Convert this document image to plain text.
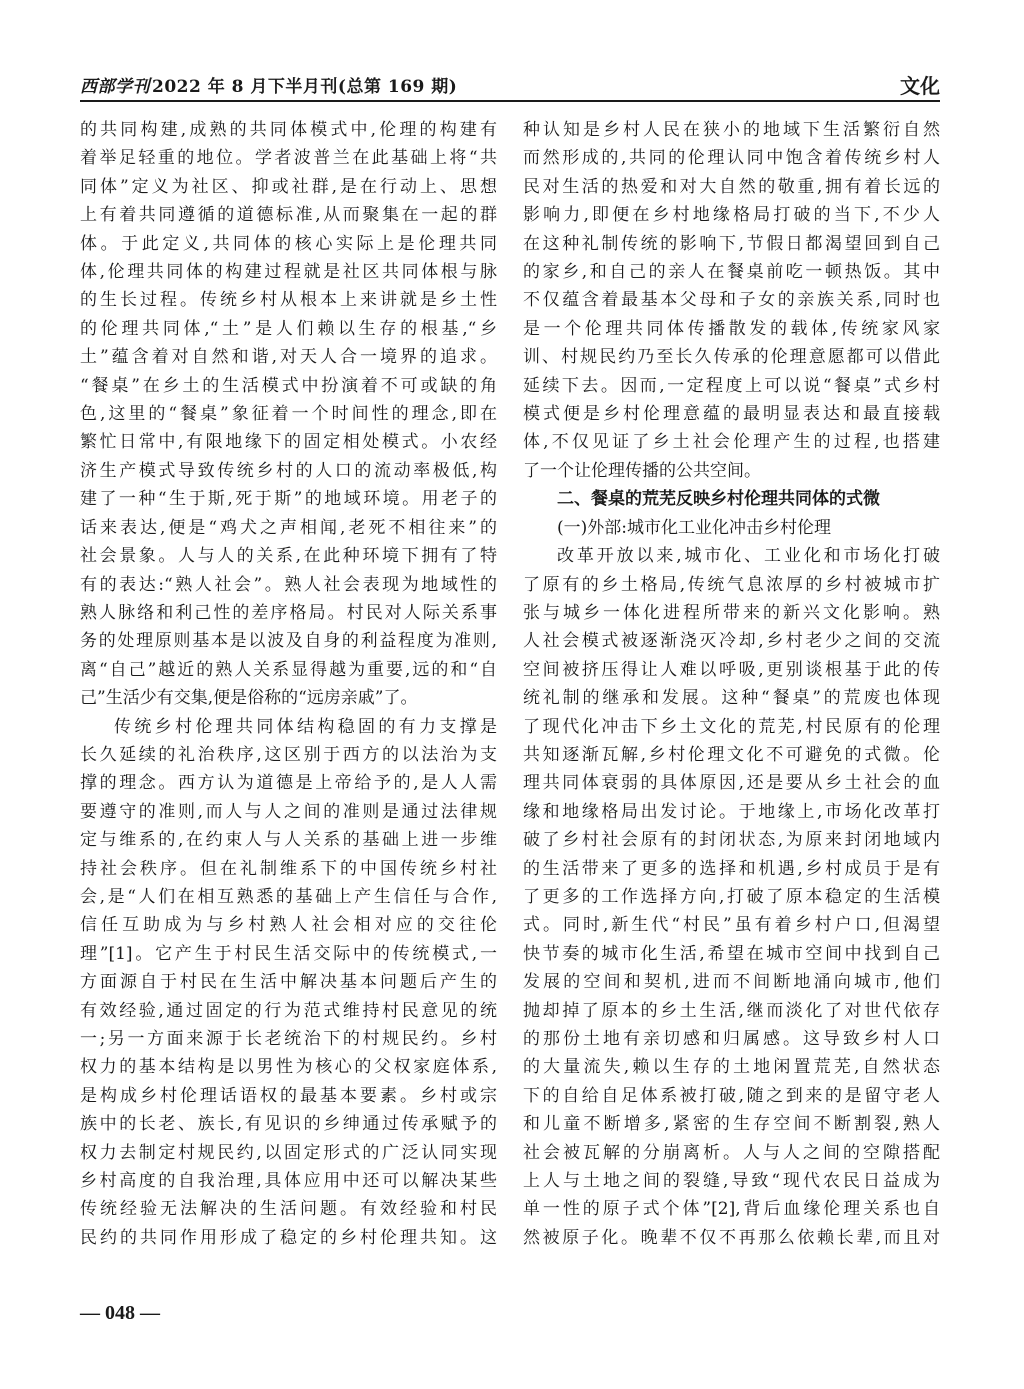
西部学刊 2022 年 8 月下半月刊(总第 169 期)	文化

的共同构建,成熟的共同体模式中,伦理的构建有

着举足轻重的地位。学者波普兰在此基础上将“共

同体”定义为社区、抑或社群,是在行动上、思想

上有着共同遵循的道德标准,从而聚集在一起的群

体。于此定义,共同体的核心实际上是伦理共同

体,伦理共同体的构建过程就是社区共同体根与脉

的生长过程。传统乡村从根本上来讲就是乡土性

的伦理共同体,“土”是人们赖以生存的根基,“乡

土”蕴含着对自然和谐,对天人合一境界的追求。

“餐桌”在乡土的生活模式中扮演着不可或缺的角

色,这里的“餐桌”象征着一个时间性的理念,即在

繁忙日常中,有限地缘下的固定相处模式。小农经

济生产模式导致传统乡村的人口的流动率极低,构

建了一种“生于斯,死于斯”的地域环境。用老子的

话来表达,便是“鸡犬之声相闻,老死不相往来”的

社会景象。人与人的关系,在此种环境下拥有了特

有的表达:“熟人社会”。熟人社会表现为地域性的

熟人脉络和利己性的差序格局。村民对人际关系事

务的处理原则基本是以波及自身的利益程度为准则,

离“自己”越近的熟人关系显得越为重要,远的和“自

己”生活少有交集,便是俗称的“远房亲戚”了。

传统乡村伦理共同体结构稳固的有力支撑是

长久延续的礼治秩序,这区别于西方的以法治为支

撑的理念。西方认为道德是上帝给予的,是人人需

要遵守的准则,而人与人之间的准则是通过法律规

定与维系的,在约束人与人关系的基础上进一步维

持社会秩序。但在礼制维系下的中国传统乡村社

会,是“人们在相互熟悉的基础上产生信任与合作,

信任互助成为与乡村熟人社会相对应的交往伦

理”[1]。它产生于村民生活交际中的传统模式,一

方面源自于村民在生活中解决基本问题后产生的

有效经验,通过固定的行为范式维持村民意见的统

一;另一方面来源于长老统治下的村规民约。乡村

权力的基本结构是以男性为核心的父权家庭体系,

是构成乡村伦理话语权的最基本要素。乡村或宗

族中的长老、族长,有见识的乡绅通过传承赋予的

权力去制定村规民约,以固定形式的广泛认同实现

乡村高度的自我治理,具体应用中还可以解决某些

传统经验无法解决的生活问题。有效经验和村民

民约的共同作用形成了稳定的乡村伦理共知。这

种认知是乡村人民在狭小的地域下生活繁衍自然

而然形成的,共同的伦理认同中饱含着传统乡村人

民对生活的热爱和对大自然的敬重,拥有着长远的

影响力,即便在乡村地缘格局打破的当下,不少人

在这种礼制传统的影响下,节假日都渴望回到自己

的家乡,和自己的亲人在餐桌前吃一顿热饭。其中

不仅蕴含着最基本父母和子女的亲族关系,同时也

是一个伦理共同体传播散发的载体,传统家风家

训、村规民约乃至长久传承的伦理意愿都可以借此

延续下去。因而,一定程度上可以说“餐桌”式乡村

模式便是乡村伦理意蕴的最明显表达和最直接载

体,不仅见证了乡土社会伦理产生的过程,也搭建

了一个让伦理传播的公共空间。

二、餐桌的荒芜反映乡村伦理共同体的式微

(一)外部:城市化工业化冲击乡村伦理

改革开放以来,城市化、工业化和市场化打破

了原有的乡土格局,传统气息浓厚的乡村被城市扩

张与城乡一体化进程所带来的新兴文化影响。熟

人社会模式被逐渐浇灭冷却,乡村老少之间的交流

空间被挤压得让人难以呼吸,更别谈根基于此的传

统礼制的继承和发展。这种“餐桌”的荒废也体现

了现代化冲击下乡土文化的荒芜,村民原有的伦理

共知逐渐瓦解,乡村伦理文化不可避免的式微。伦

理共同体衰弱的具体原因,还是要从乡土社会的血

缘和地缘格局出发讨论。于地缘上,市场化改革打

破了乡村社会原有的封闭状态,为原来封闭地域内

的生活带来了更多的选择和机遇,乡村成员于是有

了更多的工作选择方向,打破了原本稳定的生活模

式。同时,新生代“村民”虽有着乡村户口,但渴望

快节奏的城市化生活,希望在城市空间中找到自己

发展的空间和契机,进而不间断地涌向城市,他们

抛却掉了原本的乡土生活,继而淡化了对世代依存

的那份土地有亲切感和归属感。这导致乡村人口

的大量流失,赖以生存的土地闲置荒芜,自然状态

下的自给自足体系被打破,随之到来的是留守老人

和儿童不断增多,紧密的生存空间不断割裂,熟人

社会被瓦解的分崩离析。人与人之间的空隙搭配

上人与土地之间的裂缝,导致“现代农民日益成为

单一性的原子式个体”[2],背后血缘伦理关系也自

然被原子化。晚辈不仅不再那么依赖长辈,而且对

— 048 —
